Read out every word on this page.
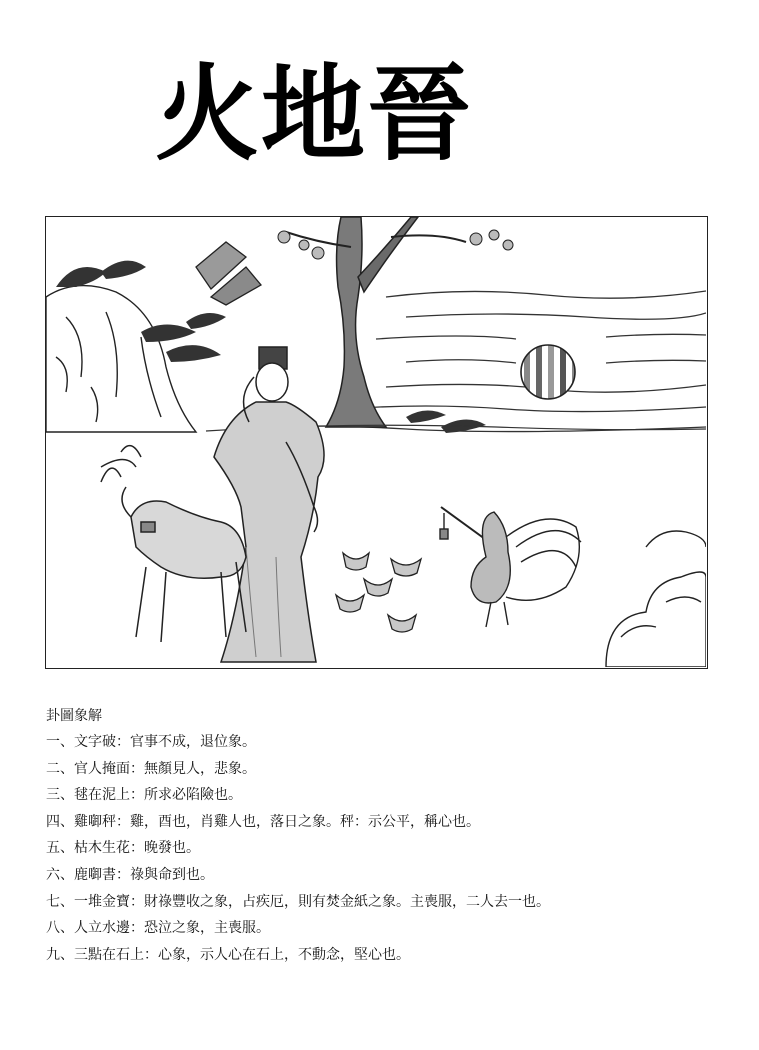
火地晉
卦圖象解
一、文字破：官事不成，退位象。
二、官人掩面：無顏見人，悲象。
三、毬在泥上：所求必陷險也。
四、雞啣秤：雞，酉也，肖雞人也，落日之象。秤：示公平，稱心也。
五、枯木生花：晚發也。
六、鹿啣書：祿與命到也。
七、一堆金寶：財祿豐收之象，占疾厄，則有焚金紙之象。主喪服，二人去一也。
八、人立水邊：恐泣之象，主喪服。
九、三點在石上：心象，示人心在石上，不動念，堅心也。
